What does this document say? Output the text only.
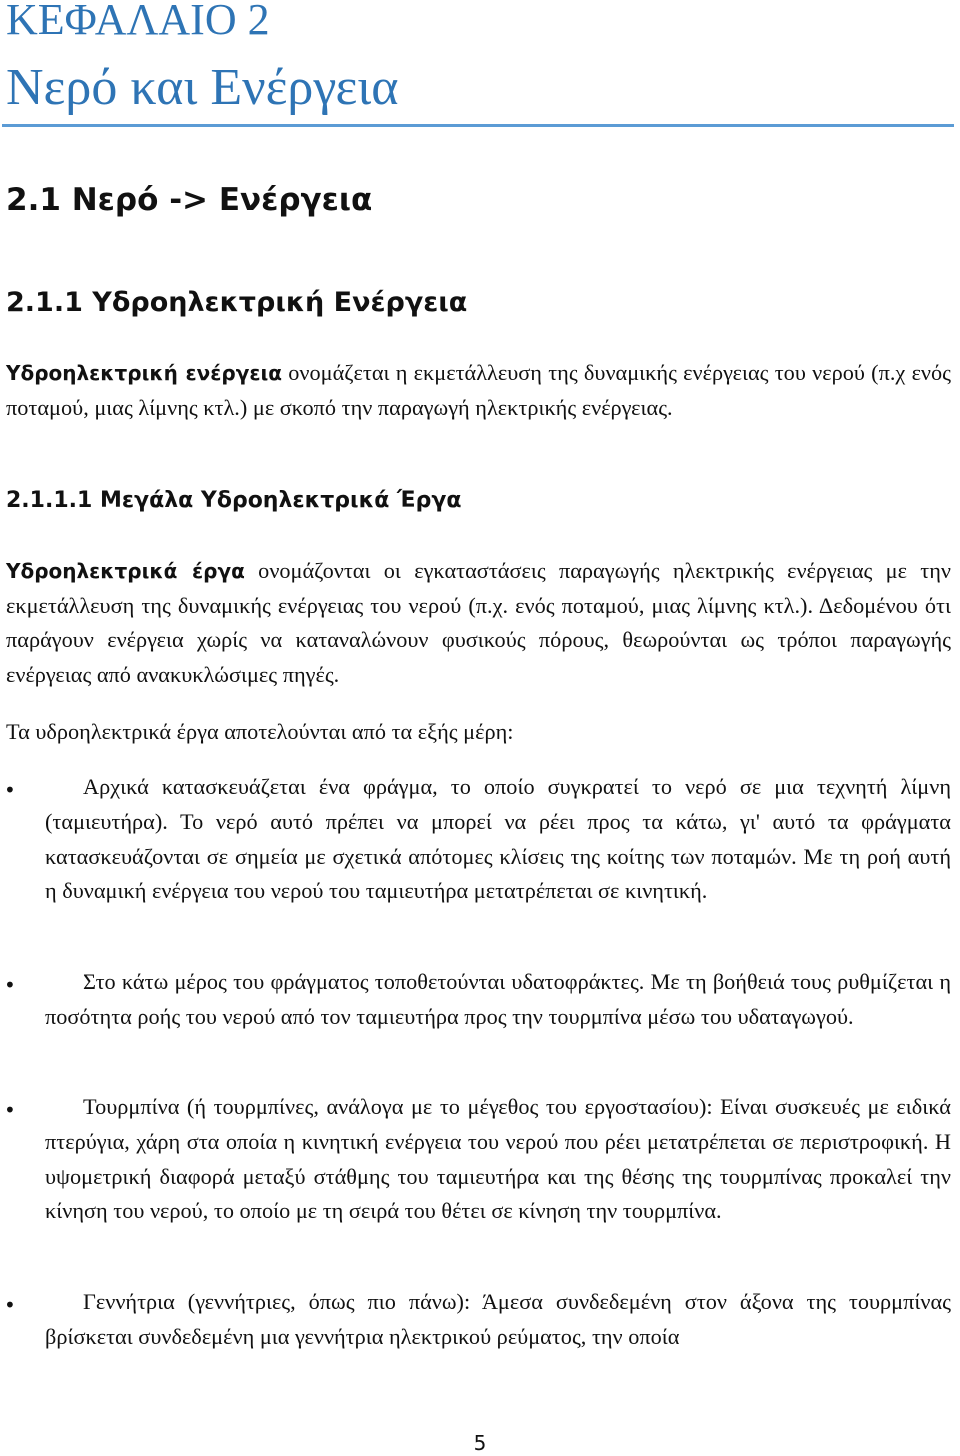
ΚΕΦΑΛΑΙΟ 2
Νερό και Ενέργεια
2.1 Νερό -> Ενέργεια
2.1.1 Υδροηλεκτρική Ενέργεια

Υδροηλεκτρική ενέργεια ονομάζεται η εκμετάλλευση της δυναμικής ενέργειας του νερού (π.χ ενός ποταμού, μιας λίμνης κτλ.) με σκοπό την παραγωγή ηλεκτρικής ενέργειας.

2.1.1.1 Μεγάλα Υδροηλεκτρικά Έργα

Υδροηλεκτρικά έργα ονομάζονται οι εγκαταστάσεις παραγωγής ηλεκτρικής ενέργειας με την εκμετάλλευση της δυναμικής ενέργειας του νερού (π.χ. ενός ποταμού, μιας λίμνης κτλ.). Δεδομένου ότι παράγουν ενέργεια χωρίς να καταναλώνουν φυσικούς πόρους, θεωρούνται ως τρόποι παραγωγής ενέργειας από ανακυκλώσιμες πηγές.

Τα υδροηλεκτρικά έργα αποτελούνται από τα εξής μέρη:

•	Αρχικά κατασκευάζεται ένα φράγμα, το οποίο συγκρατεί το νερό σε μια τεχνητή λίμνη (ταμιευτήρα). Το νερό αυτό πρέπει να μπορεί να ρέει προς τα κάτω, γι' αυτό τα φράγματα κατασκευάζονται σε σημεία με σχετικά απότομες κλίσεις της κοίτης των ποταμών. Με τη ροή αυτή η δυναμική ενέργεια του νερού του ταμιευτήρα μετατρέπεται σε κινητική.

•	Στο κάτω μέρος του φράγματος τοποθετούνται υδατοφράκτες. Με τη βοήθειά τους ρυθμίζεται η ποσότητα ροής του νερού από τον ταμιευτήρα προς την τουρμπίνα μέσω του υδαταγωγού.

•	Τουρμπίνα (ή τουρμπίνες, ανάλογα με το μέγεθος του εργοστασίου): Είναι συσκευές με ειδικά πτερύγια, χάρη στα οποία η κινητική ενέργεια του νερού που ρέει μετατρέπεται σε περιστροφική. Η υψομετρική διαφορά μεταξύ στάθμης του ταμιευτήρα και της θέσης της τουρμπίνας προκαλεί την κίνηση του νερού, το οποίο με τη σειρά του θέτει σε κίνηση την τουρμπίνα.

•	Γεννήτρια (γεννήτριες, όπως πιο πάνω): Άμεσα συνδεδεμένη στον άξονα της τουρμπίνας βρίσκεται συνδεδεμένη μια γεννήτρια ηλεκτρικού ρεύματος, την οποία

5
